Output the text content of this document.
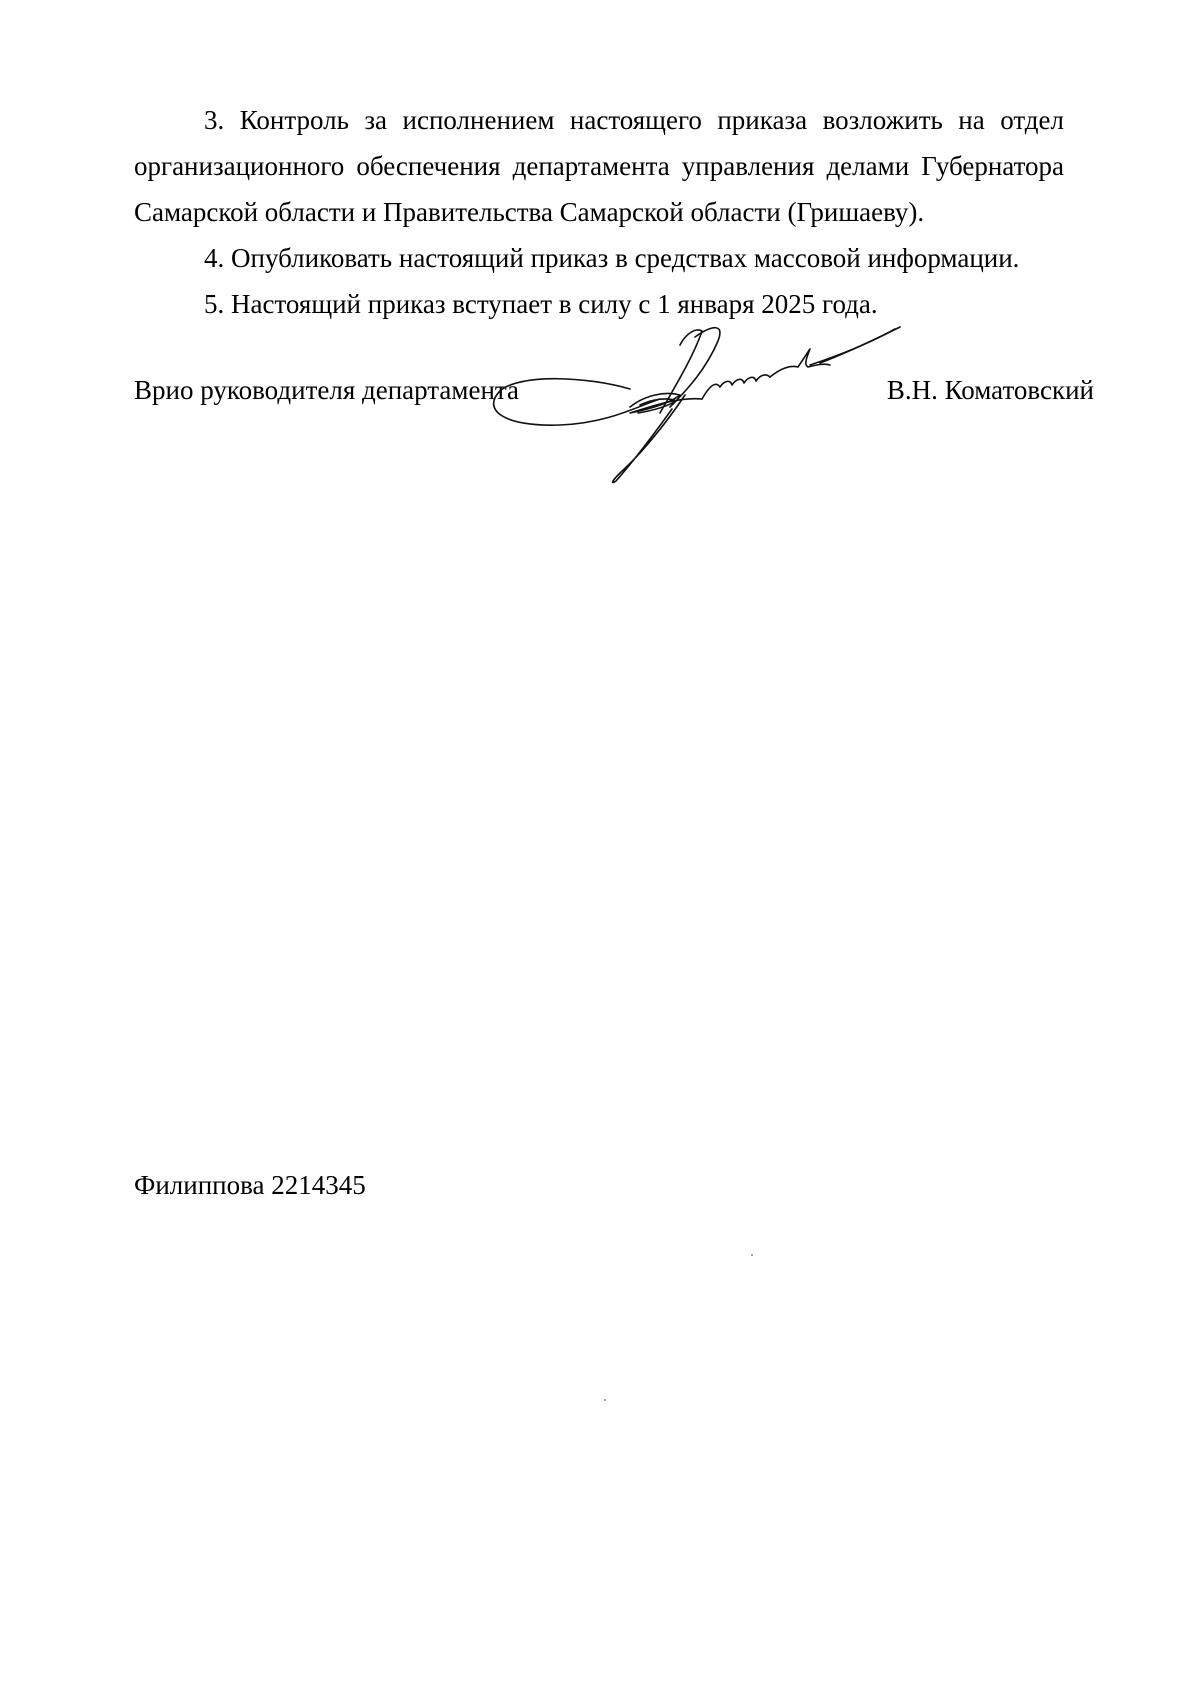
3. Контроль за исполнением настоящего приказа возложить на отдел организационного обеспечения департамента управления делами Губернатора Самарской области и Правительства Самарской области (Гришаеву).

4. Опубликовать настоящий приказ в средствах массовой информации.

5. Настоящий приказ вступает в силу с 1 января 2025 года.

Врио руководителя департамента	В.Н. Коматовский
Филиппова 2214345
